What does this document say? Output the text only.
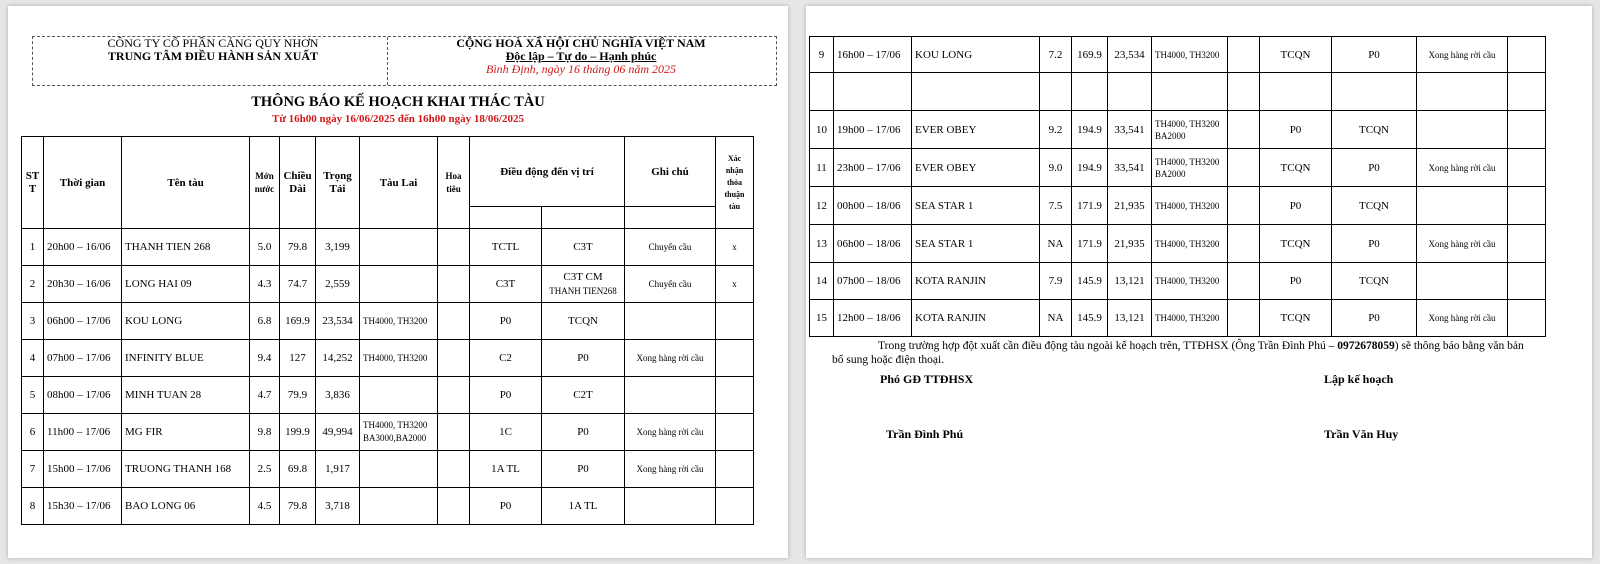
CÔNG TY CỔ PHẦN CẢNG QUY NHƠN
TRUNG TÂM ĐIỀU HÀNH SẢN XUẤT
CỘNG HOÀ XÃ HỘI CHỦ NGHĨA VIỆT NAM
Độc lập – Tự do – Hạnh phúc
Bình Định, ngày 16 tháng 06 năm 2025
THÔNG BÁO KẾ HOẠCH KHAI THÁC TÀU
Từ 16h00 ngày 16/06/2025 đến 16h00 ngày 18/06/2025
STT	Thời gian	Tên tàu	Mớn nước	Chiều Dài	Trọng Tải	Tàu Lai	Hoa tiêu	Điều động đến vị trí		Ghi chú	Xác nhận thỏa thuận tàu

1	20h00 – 16/06	THANH TIEN 268	5.0	79.8	3,199			TCTL	C3T	Chuyển cầu	x
2	20h30 – 16/06	LONG HAI 09	4.3	74.7	2,559			C3T	C3T CM
THANH TIEN268	Chuyển cầu	x
3	06h00 – 17/06	KOU LONG	6.8	169.9	23,534	TH4000, TH3200		P0	TCQN		
4	07h00 – 17/06	INFINITY BLUE	9.4	127	14,252	TH4000, TH3200		C2	P0	Xong hàng rời cầu	
5	08h00 – 17/06	MINH TUAN 28	4.7	79.9	3,836			P0	C2T		
6	11h00 – 17/06	MG FIR	9.8	199.9	49,994	TH4000, TH3200
BA3000,BA2000		1C	P0	Xong hàng rời cầu	
7	15h00 – 17/06	TRUONG THANH 168	2.5	69.8	1,917			1A TL	P0	Xong hàng rời cầu	
8	15h30 – 17/06	BAO LONG 06	4.5	79.8	3,718			P0	1A TL		
9	16h00 – 17/06	KOU LONG	7.2	169.9	23,534	TH4000, TH3200		TCQN	P0	Xong hàng rời cầu	

10	19h00 – 17/06	EVER OBEY	9.2	194.9	33,541	TH4000, TH3200
BA2000		P0	TCQN		
11	23h00 – 17/06	EVER OBEY	9.0	194.9	33,541	TH4000, TH3200
BA2000		TCQN	P0	Xong hàng rời cầu	
12	00h00 – 18/06	SEA STAR 1	7.5	171.9	21,935	TH4000, TH3200		P0	TCQN		
13	06h00 – 18/06	SEA STAR 1	NA	171.9	21,935	TH4000, TH3200		TCQN	P0	Xong hàng rời cầu	
14	07h00 – 18/06	KOTA RANJIN	7.9	145.9	13,121	TH4000, TH3200		P0	TCQN		
15	12h00 – 18/06	KOTA RANJIN	NA	145.9	13,121	TH4000, TH3200		TCQN	P0	Xong hàng rời cầu	
Trong trường hợp đột xuất cần điều động tàu ngoài kế hoạch trên, TTĐHSX (Ông Trần Đình Phú – 0972678059) sẽ thông báo bằng văn bản bổ sung hoặc điện thoại.
Phó GĐ TTĐHSX	Lập kế hoạch
Trần Đình Phú	Trần Văn Huy
